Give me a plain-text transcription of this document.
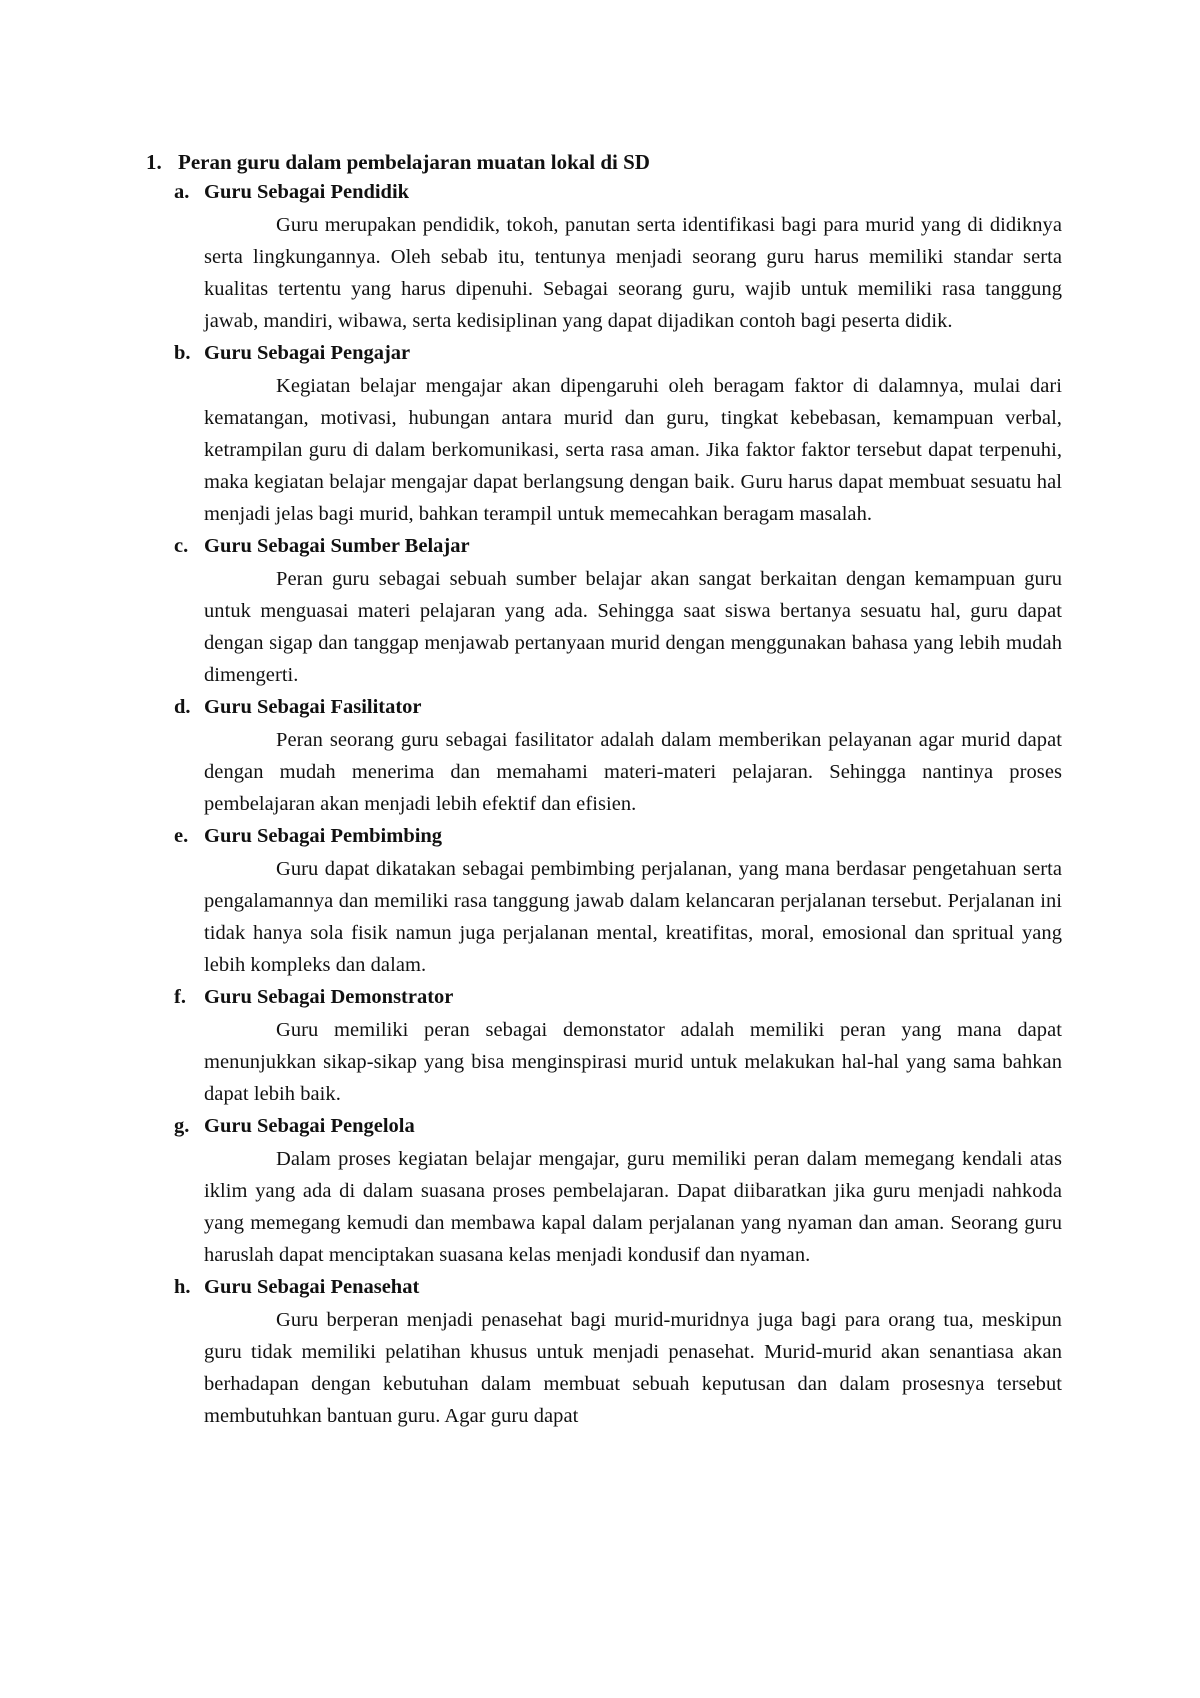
1. Peran guru dalam pembelajaran muatan lokal di SD
a. Guru Sebagai Pendidik

Guru merupakan pendidik, tokoh, panutan serta identifikasi bagi para murid yang di didiknya serta lingkungannya. Oleh sebab itu, tentunya menjadi seorang guru harus memiliki standar serta kualitas tertentu yang harus dipenuhi. Sebagai seorang guru, wajib untuk memiliki rasa tanggung jawab, mandiri, wibawa, serta kedisiplinan yang dapat dijadikan contoh bagi peserta didik.

b. Guru Sebagai Pengajar

Kegiatan belajar mengajar akan dipengaruhi oleh beragam faktor di dalamnya, mulai dari kematangan, motivasi, hubungan antara murid dan guru, tingkat kebebasan, kemampuan verbal, ketrampilan guru di dalam berkomunikasi, serta rasa aman. Jika faktor faktor tersebut dapat terpenuhi, maka kegiatan belajar mengajar dapat berlangsung dengan baik. Guru harus dapat membuat sesuatu hal menjadi jelas bagi murid, bahkan terampil untuk memecahkan beragam masalah.

c. Guru Sebagai Sumber Belajar

Peran guru sebagai sebuah sumber belajar akan sangat berkaitan dengan kemampuan guru untuk menguasai materi pelajaran yang ada. Sehingga saat siswa bertanya sesuatu hal, guru dapat dengan sigap dan tanggap menjawab pertanyaan murid dengan menggunakan bahasa yang lebih mudah dimengerti.

d. Guru Sebagai Fasilitator

Peran seorang guru sebagai fasilitator adalah dalam memberikan pelayanan agar murid dapat dengan mudah menerima dan memahami materi-materi pelajaran. Sehingga nantinya proses pembelajaran akan menjadi lebih efektif dan efisien.

e. Guru Sebagai Pembimbing

Guru dapat dikatakan sebagai pembimbing perjalanan, yang mana berdasar pengetahuan serta pengalamannya dan memiliki rasa tanggung jawab dalam kelancaran perjalanan tersebut. Perjalanan ini tidak hanya sola fisik namun juga perjalanan mental, kreatifitas, moral, emosional dan spritual yang lebih kompleks dan dalam.

f. Guru Sebagai Demonstrator

Guru memiliki peran sebagai demonstator adalah memiliki peran yang mana dapat menunjukkan sikap-sikap yang bisa menginspirasi murid untuk melakukan hal-hal yang sama bahkan dapat lebih baik.

g. Guru Sebagai Pengelola

Dalam proses kegiatan belajar mengajar, guru memiliki peran dalam memegang kendali atas iklim yang ada di dalam suasana proses pembelajaran. Dapat diibaratkan jika guru menjadi nahkoda yang memegang kemudi dan membawa kapal dalam perjalanan yang nyaman dan aman. Seorang guru haruslah dapat menciptakan suasana kelas menjadi kondusif dan nyaman.

h. Guru Sebagai Penasehat

Guru berperan menjadi penasehat bagi murid-muridnya juga bagi para orang tua, meskipun guru tidak memiliki pelatihan khusus untuk menjadi penasehat. Murid-murid akan senantiasa akan berhadapan dengan kebutuhan dalam membuat sebuah keputusan dan dalam prosesnya tersebut membutuhkan bantuan guru. Agar guru dapat
